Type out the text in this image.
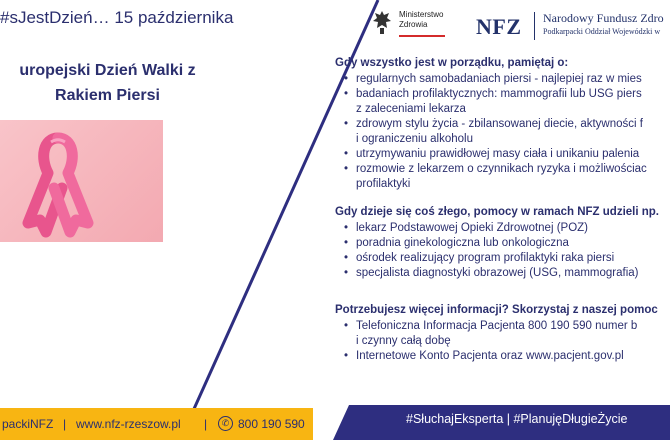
#sJestDzień… 15 października
uropejski Dzień Walki z
Rakiem Piersi
Ministerstwo
Zdrowia	NFZ Narodowy Fundusz Zdro
Podkarpacki Oddział Wojewódzki w
Gdy wszystko jest w porządku, pamiętaj o:
• regularnych samobadaniach piersi - najlepiej raz w mies
• badaniach profilaktycznych: mammografii lub USG piers
z zaleceniami lekarza
• zdrowym stylu życia - zbilansowanej diecie, aktywności f
i ograniczeniu alkoholu
• utrzymywaniu prawidłowej masy ciała i unikaniu palenia
• rozmowie z lekarzem o czynnikach ryzyka i możliwościac
profilaktyki
Gdy dzieje się coś złego, pomocy w ramach NFZ udzieli np.
• lekarz Podstawowej Opieki Zdrowotnej (POZ)
• poradnia ginekologiczna lub onkologiczna
• ośrodek realizujący program profilaktyki raka piersi
• specjalista diagnostyki obrazowej (USG, mammografia)
Potrzebujesz więcej informacji? Skorzystaj z naszej pomoc
• Telefoniczna Informacja Pacjenta 800 190 590 numer b
i czynny całą dobę
• Internetowe Konto Pacjenta oraz www.pacjent.gov.pl
packiNFZ | www.nfz-rzeszow.pl |	✆ 800 190 590	#SłuchajEksperta | #PlanujęDługieŻycie
